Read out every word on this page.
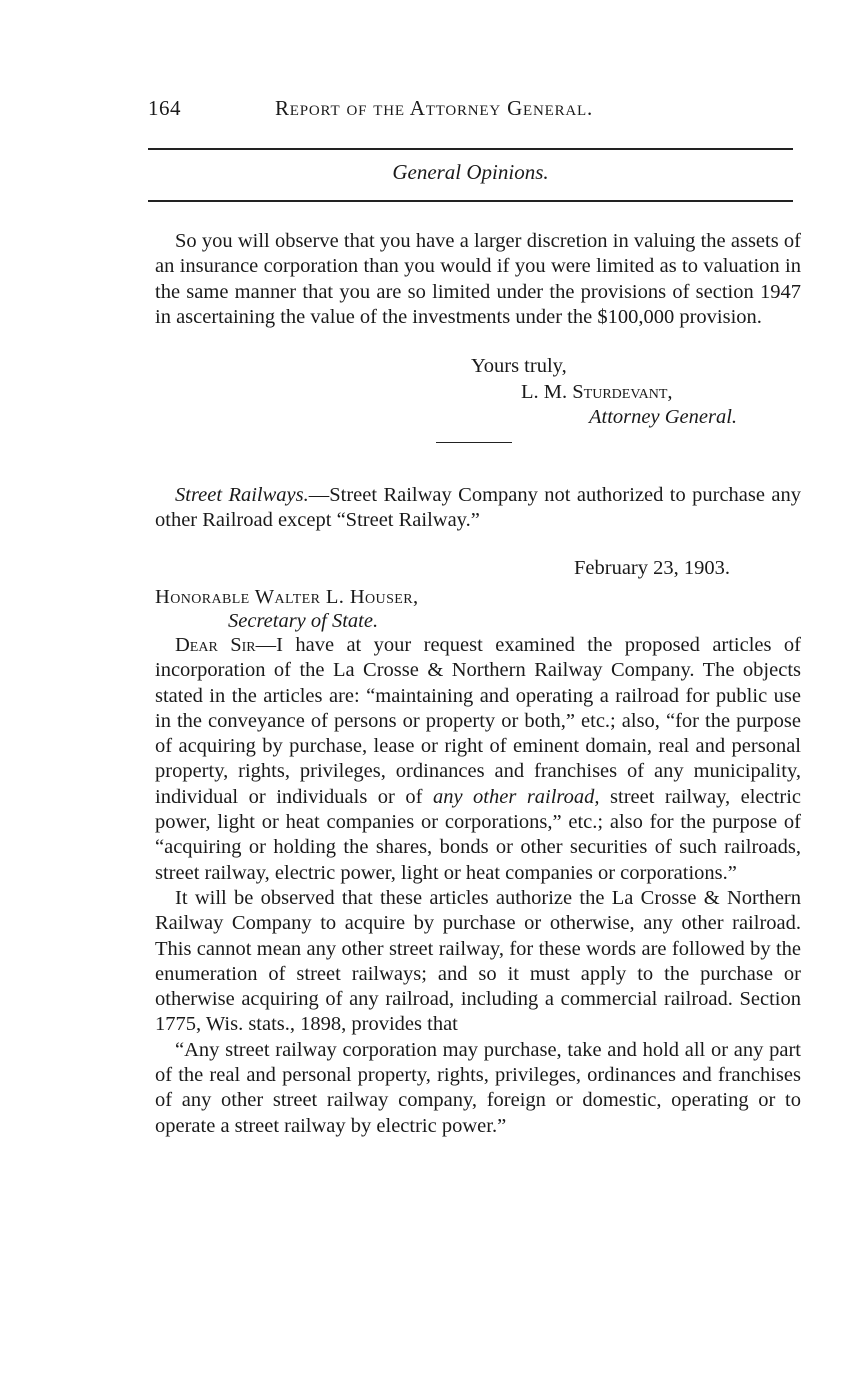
164	Report of the Attorney General.
General Opinions.

So you will observe that you have a larger discretion in valuing the assets of an insurance corporation than you would if you were limited as to valuation in the same manner that you are so limited under the provisions of section 1947 in ascertaining the value of the investments under the $100,000 provision.

Yours truly,
L. M. Sturdevant,
Attorney General.

Street Railways.—Street Railway Company not authorized to purchase any other Railroad except “Street Railway.”

February 23, 1903.
Honorable Walter L. Houser,
Secretary of State.

Dear Sir—I have at your request examined the proposed articles of incorporation of the La Crosse & Northern Railway Company. The objects stated in the articles are: “maintaining and operating a railroad for public use in the conveyance of persons or property or both,” etc.; also, “for the purpose of acquiring by purchase, lease or right of eminent domain, real and personal property, rights, privileges, ordinances and franchises of any municipality, individual or individuals or of any other railroad, street railway, electric power, light or heat companies or corporations,” etc.; also for the purpose of “acquiring or holding the shares, bonds or other securities of such railroads, street railway, electric power, light or heat companies or corporations.”

It will be observed that these articles authorize the La Crosse & Northern Railway Company to acquire by purchase or otherwise, any other railroad. This cannot mean any other street railway, for these words are followed by the enumeration of street railways; and so it must apply to the purchase or otherwise acquiring of any railroad, including a commercial railroad. Section 1775, Wis. stats., 1898, provides that

“Any street railway corporation may purchase, take and hold all or any part of the real and personal property, rights, privileges, ordinances and franchises of any other street railway company, foreign or domestic, operating or to operate a street railway by electric power.”
